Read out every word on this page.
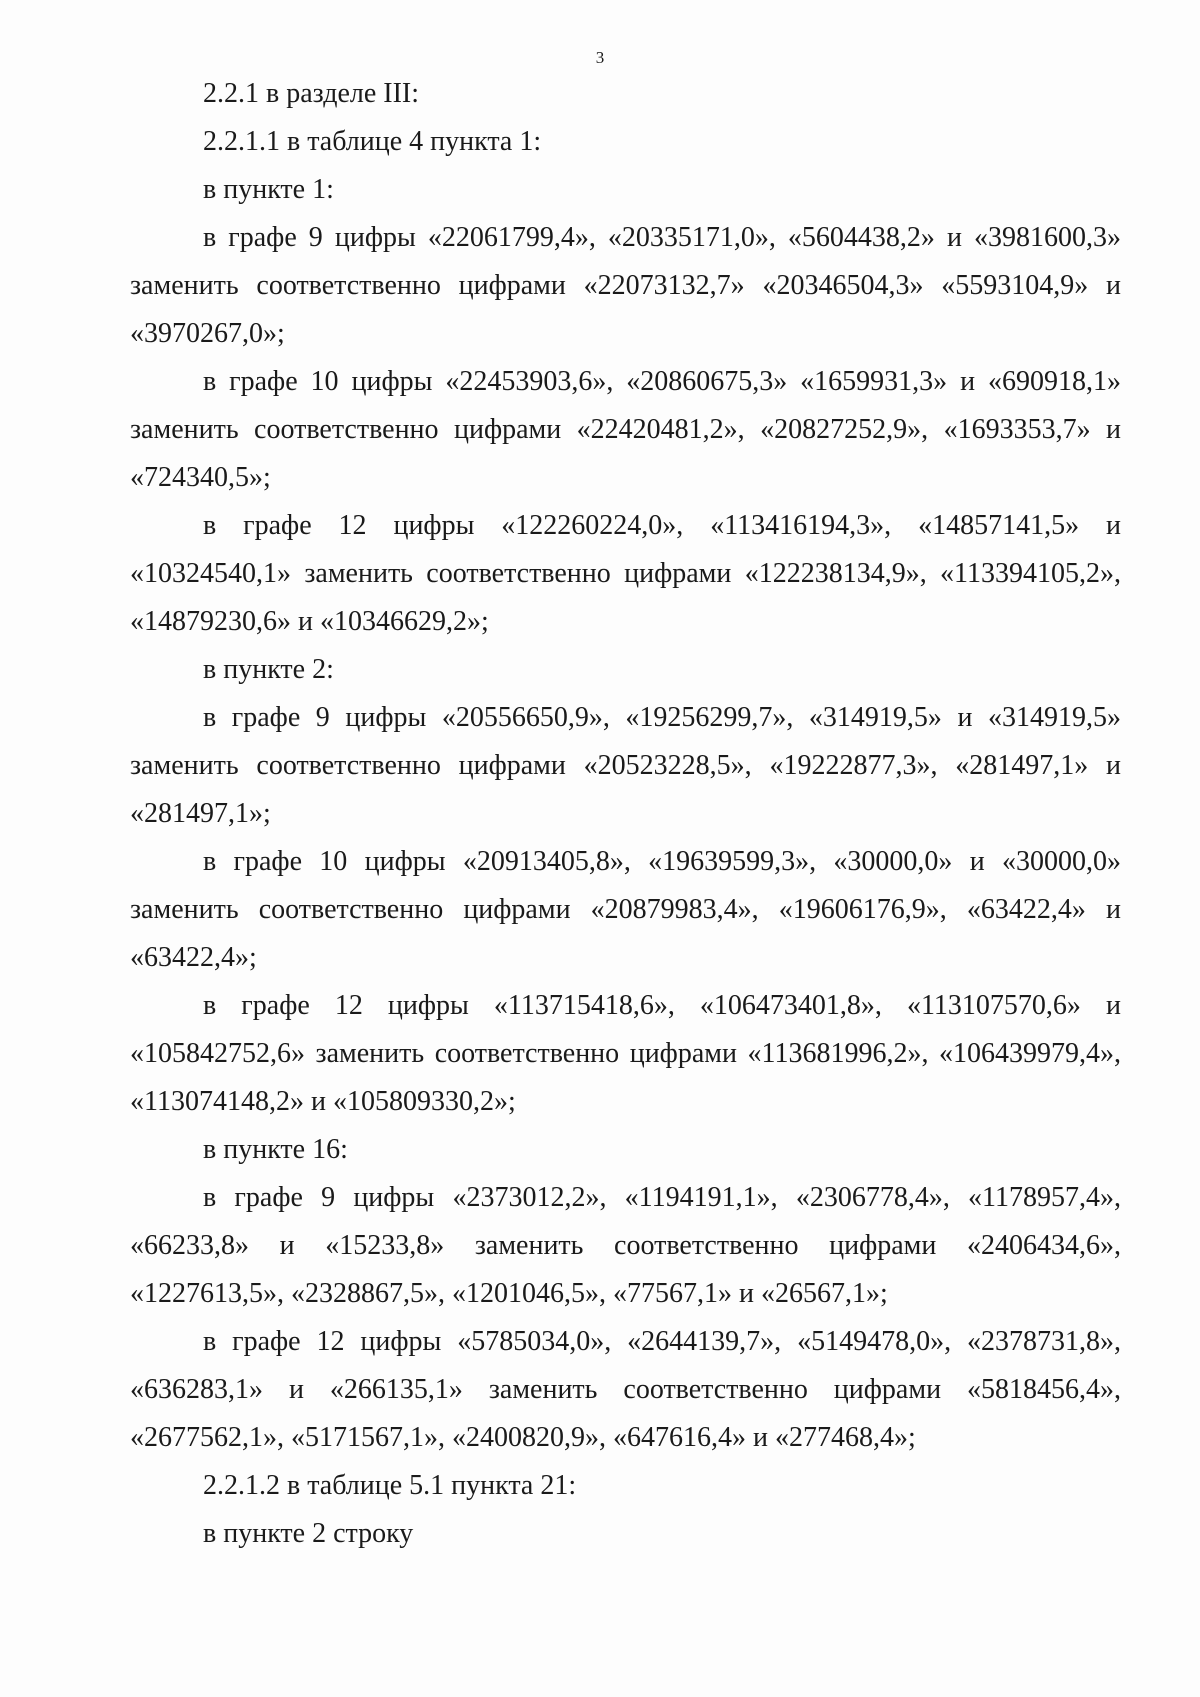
3

2.2.1 в разделе III:

2.2.1.1 в таблице 4 пункта 1:

в пункте 1:

в графе 9 цифры «22061799,4», «20335171,0», «5604438,2» и «3981600,3» заменить соответственно цифрами «22073132,7» «20346504,3» «5593104,9» и «3970267,0»;

в графе 10 цифры «22453903,6», «20860675,3» «1659931,3» и «690918,1» заменить соответственно цифрами «22420481,2», «20827252,9», «1693353,7» и «724340,5»;

в графе 12 цифры «122260224,0», «113416194,3», «14857141,5» и «10324540,1» заменить соответственно цифрами «122238134,9», «113394105,2», «14879230,6» и «10346629,2»;

в пункте 2:

в графе 9 цифры «20556650,9», «19256299,7», «314919,5» и «314919,5» заменить соответственно цифрами «20523228,5», «19222877,3», «281497,1» и «281497,1»;

в графе 10 цифры «20913405,8», «19639599,3», «30000,0» и «30000,0» заменить соответственно цифрами «20879983,4», «19606176,9», «63422,4» и «63422,4»;

в графе 12 цифры «113715418,6», «106473401,8», «113107570,6» и «105842752,6» заменить соответственно цифрами «113681996,2», «106439979,4», «113074148,2» и «105809330,2»;

в пункте 16:

в графе 9 цифры «2373012,2», «1194191,1», «2306778,4», «1178957,4», «66233,8» и «15233,8» заменить соответственно цифрами «2406434,6», «1227613,5», «2328867,5», «1201046,5», «77567,1» и «26567,1»;

в графе 12 цифры «5785034,0», «2644139,7», «5149478,0», «2378731,8», «636283,1» и «266135,1» заменить соответственно цифрами «5818456,4», «2677562,1», «5171567,1», «2400820,9», «647616,4» и «277468,4»;

2.2.1.2 в таблице 5.1 пункта 21:

в пункте 2 строку
